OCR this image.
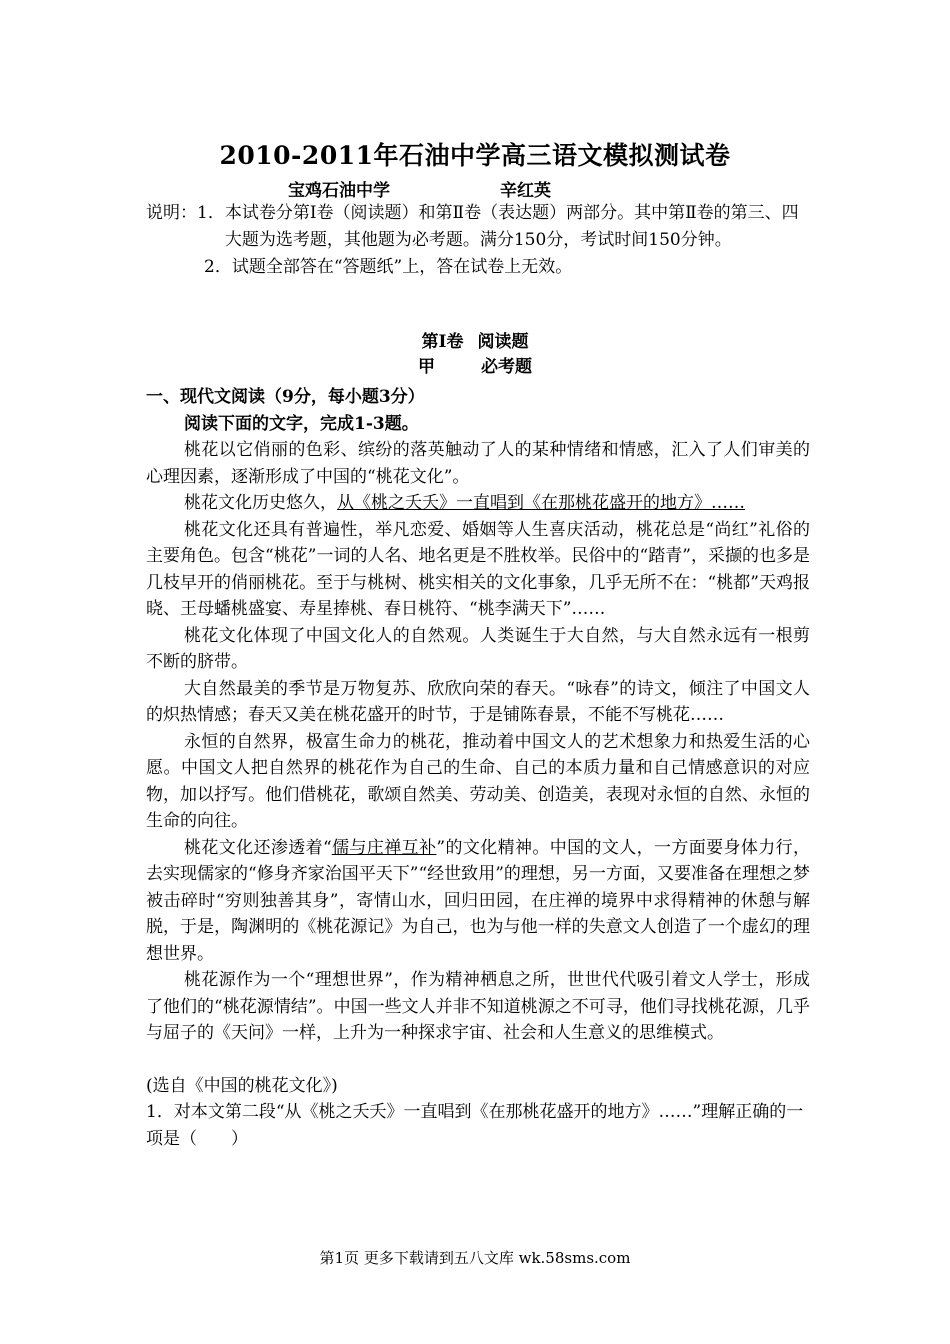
2010-2011年石油中学高三语文模拟测试卷
宝鸡石油中学	辛红英
说明： 1． 本试卷分第Ⅰ卷（阅读题）和第Ⅱ卷（表达题）两部分。其中第Ⅱ卷的第三、四大题为选考题，其他题为必考题。满分150分，考试时间150分钟。
2． 试题全部答在“答题纸”上，答在试卷上无效。
第Ⅰ卷 阅读题
甲	必考题
一、现代文阅读（9分，每小题3分）
阅读下面的文字，完成1-3题。

桃花以它俏丽的色彩、缤纷的落英触动了人的某种情绪和情感，汇入了人们审美的心理因素，逐渐形成了中国的“桃花文化”。

桃花文化历史悠久，从《桃之夭夭》一直唱到《在那桃花盛开的地方》……

桃花文化还具有普遍性，举凡恋爱、婚姻等人生喜庆活动，桃花总是“尚红”礼俗的主要角色。包含“桃花”一词的人名、地名更是不胜枚举。民俗中的“踏青”，采撷的也多是几枝早开的俏丽桃花。至于与桃树、桃实相关的文化事象，几乎无所不在：“桃都”天鸡报晓、王母蟠桃盛宴、寿星捧桃、春日桃符、“桃李满天下”……

桃花文化体现了中国文化人的自然观。人类诞生于大自然，与大自然永远有一根剪不断的脐带。

大自然最美的季节是万物复苏、欣欣向荣的春天。“咏春”的诗文，倾注了中国文人的炽热情感；春天又美在桃花盛开的时节，于是铺陈春景，不能不写桃花……

永恒的自然界，极富生命力的桃花，推动着中国文人的艺术想象力和热爱生活的心愿。中国文人把自然界的桃花作为自己的生命、自己的本质力量和自己情感意识的对应物，加以抒写。他们借桃花，歌颂自然美、劳动美、创造美，表现对永恒的自然、永恒的生命的向往。

桃花文化还渗透着“儒与庄禅互补”的文化精神。中国的文人，一方面要身体力行，去实现儒家的“修身齐家治国平天下”“经世致用”的理想，另一方面，又要准备在理想之梦被击碎时“穷则独善其身”，寄情山水，回归田园，在庄禅的境界中求得精神的休憩与解脱，于是，陶渊明的《桃花源记》为自己，也为与他一样的失意文人创造了一个虚幻的理想世界。

桃花源作为一个“理想世界”，作为精神栖息之所，世世代代吸引着文人学士，形成了他们的“桃花源情结”。中国一些文人并非不知道桃源之不可寻，他们寻找桃花源，几乎与屈子的《天问》一样，上升为一种探求宇宙、社会和人生意义的思维模式。

(选自《中国的桃花文化》)
1．对本文第二段“从《桃之夭夭》一直唱到《在那桃花盛开的地方》……”理解正确的一项是（　　）
第1页 更多下载请到五八文库 wk.58sms.com
